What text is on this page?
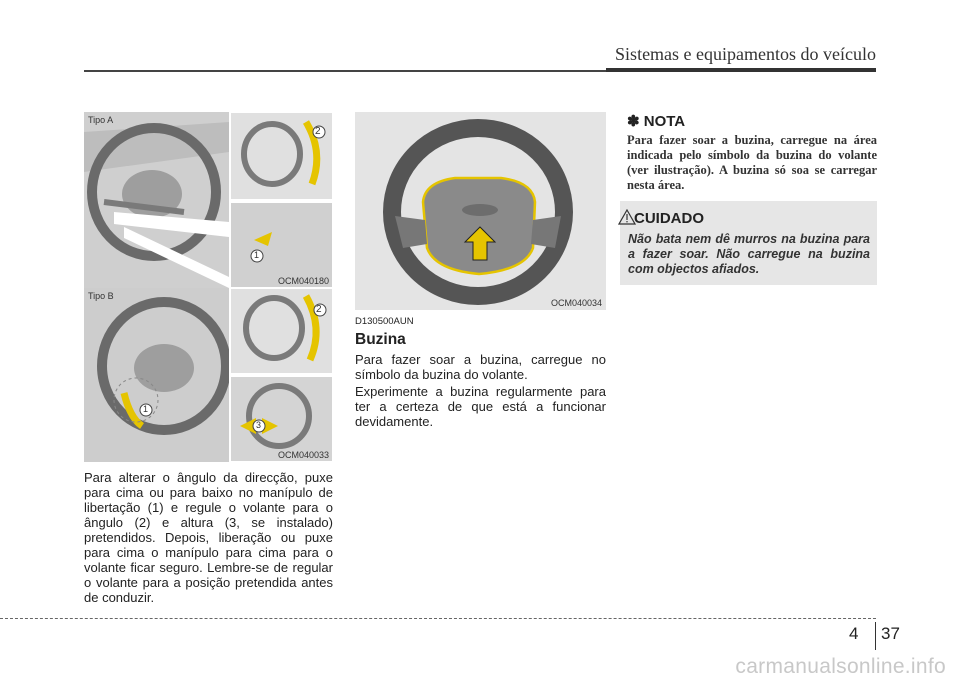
Sistemas e equipamentos do veículo
Tipo A
2
1
OCM040180
Tipo B
2
1
3
OCM040033
Para alterar o ângulo da direcção, puxe para cima ou para baixo no manípulo de libertação (1) e regule o volante para o ângulo (2) e altura (3, se instalado) pretendidos. Depois, liberação ou puxe para cima o manípulo para cima para o volante ficar seguro. Lembre-se de regular o volante para a posição pretendida antes de conduzir.
OCM040034
D130500AUN
Buzina
Para fazer soar a buzina, carregue no símbolo da buzina do volante.
Experimente a buzina regularmente para ter a certeza de que está a funcionar devidamente.
✽ NOTA
Para fazer soar a buzina, carregue na área indicada pelo símbolo da buzina do volante (ver ilustração). A buzina só soa se carregar nesta área.
CUIDADO
Não bata nem dê murros na buzina para a fazer soar. Não carregue na buzina com objectos afiados.
4 37
carmanualsonline.info
